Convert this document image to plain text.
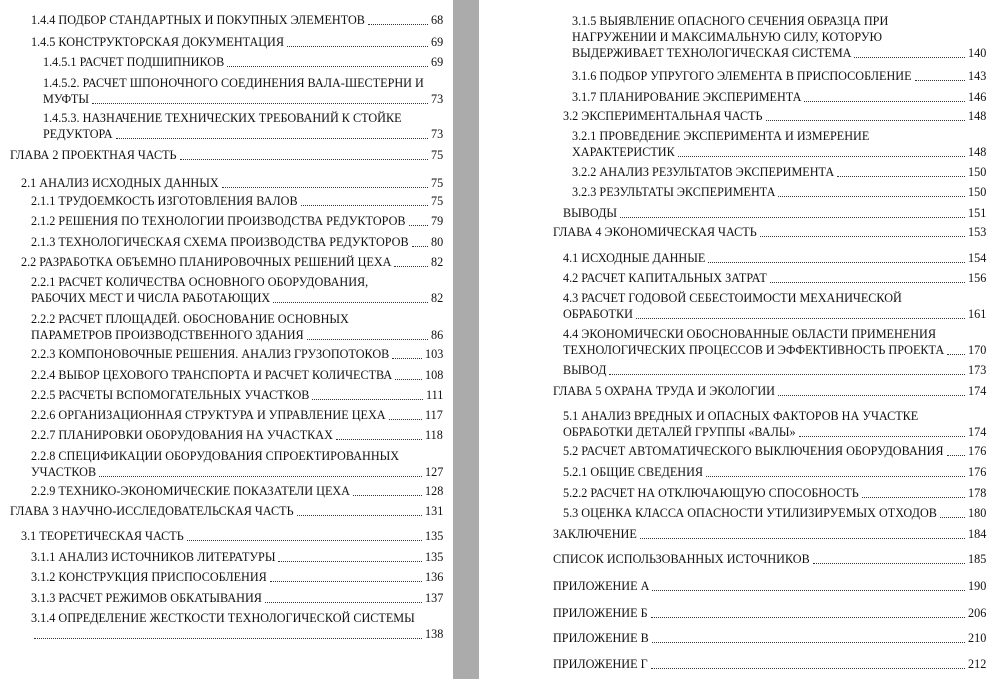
1.4.4 ПОДБОР СТАНДАРТНЫХ И ПОКУПНЫХ ЭЛЕМЕНТОВ	68
1.4.5 КОНСТРУКТОРСКАЯ ДОКУМЕНТАЦИЯ	69
1.4.5.1 РАСЧЕТ ПОДШИПНИКОВ	69
1.4.5.2. РАСЧЕТ ШПОНОЧНОГО СОЕДИНЕНИЯ ВАЛА-ШЕСТЕРНИ И
МУФТЫ	73
1.4.5.3. НАЗНАЧЕНИЕ ТЕХНИЧЕСКИХ ТРЕБОВАНИЙ К СТОЙКЕ
РЕДУКТОРА	73
ГЛАВА 2 ПРОЕКТНАЯ ЧАСТЬ	75
2.1 АНАЛИЗ ИСХОДНЫХ ДАННЫХ	75
2.1.1 ТРУДОЕМКОСТЬ ИЗГОТОВЛЕНИЯ ВАЛОВ	75
2.1.2 РЕШЕНИЯ ПО ТЕХНОЛОГИИ ПРОИЗВОДСТВА РЕДУКТОРОВ 79
2.1.3 ТЕХНОЛОГИЧЕСКАЯ СХЕМА ПРОИЗВОДСТВА РЕДУКТОРОВ 80
2.2 РАЗРАБОТКА ОБЪЕМНО ПЛАНИРОВОЧНЫХ РЕШЕНИЙ ЦЕХА	82
2.2.1 РАСЧЕТ КОЛИЧЕСТВА ОСНОВНОГО ОБОРУДОВАНИЯ,
РАБОЧИХ МЕСТ И ЧИСЛА РАБОТАЮЩИХ	82
2.2.2 РАСЧЕТ ПЛОЩАДЕЙ. ОБОСНОВАНИЕ ОСНОВНЫХ
ПАРАМЕТРОВ ПРОИЗВОДСТВЕННОГО ЗДАНИЯ	86
2.2.3 КОМПОНОВОЧНЫЕ РЕШЕНИЯ. АНАЛИЗ ГРУЗОПОТОКОВ	103
2.2.4 ВЫБОР ЦЕХОВОГО ТРАНСПОРТА И РАСЧЕТ КОЛИЧЕСТВА	108
2.2.5 РАСЧЕТЫ ВСПОМОГАТЕЛЬНЫХ УЧАСТКОВ	111
2.2.6 ОРГАНИЗАЦИОННАЯ СТРУКТУРА И УПРАВЛЕНИЕ ЦЕХА	117
2.2.7 ПЛАНИРОВКИ ОБОРУДОВАНИЯ НА УЧАСТКАХ	118
2.2.8 СПЕЦИФИКАЦИИ ОБОРУДОВАНИЯ СПРОЕКТИРОВАННЫХ
УЧАСТКОВ	127
2.2.9 ТЕХНИКО-ЭКОНОМИЧЕСКИЕ ПОКАЗАТЕЛИ ЦЕХА	128
ГЛАВА 3 НАУЧНО-ИССЛЕДОВАТЕЛЬСКАЯ ЧАСТЬ	131
3.1 ТЕОРЕТИЧЕСКАЯ ЧАСТЬ	135
3.1.1 АНАЛИЗ ИСТОЧНИКОВ ЛИТЕРАТУРЫ	135
3.1.2 КОНСТРУКЦИЯ ПРИСПОСОБЛЕНИЯ	136
3.1.3 РАСЧЕТ РЕЖИМОВ ОБКАТЫВАНИЯ	137
3.1.4 ОПРЕДЕЛЕНИЕ ЖЕСТКОСТИ ТЕХНОЛОГИЧЕСКОЙ СИСТЕМЫ
138
3.1.5 ВЫЯВЛЕНИЕ ОПАСНОГО СЕЧЕНИЯ ОБРАЗЦА ПРИ
НАГРУЖЕНИИ И МАКСИМАЛЬНУЮ СИЛУ, КОТОРУЮ
ВЫДЕРЖИВАЕТ ТЕХНОЛОГИЧЕСКАЯ СИСТЕМА	140
3.1.6 ПОДБОР УПРУГОГО ЭЛЕМЕНТА В ПРИСПОСОБЛЕНИЕ	143
3.1.7 ПЛАНИРОВАНИЕ ЭКСПЕРИМЕНТА	146
3.2 ЭКСПЕРИМЕНТАЛЬНАЯ ЧАСТЬ	148
3.2.1 ПРОВЕДЕНИЕ ЭКСПЕРИМЕНТА И ИЗМЕРЕНИЕ
ХАРАКТЕРИСТИК	148
3.2.2 АНАЛИЗ РЕЗУЛЬТАТОВ ЭКСПЕРИМЕНТА	150
3.2.3 РЕЗУЛЬТАТЫ ЭКСПЕРИМЕНТА	150
ВЫВОДЫ	151
ГЛАВА 4 ЭКОНОМИЧЕСКАЯ ЧАСТЬ	153
4.1 ИСХОДНЫЕ ДАННЫЕ	154
4.2 РАСЧЕТ КАПИТАЛЬНЫХ ЗАТРАТ	156
4.3 РАСЧЕТ ГОДОВОЙ СЕБЕСТОИМОСТИ МЕХАНИЧЕСКОЙ
ОБРАБОТКИ	161
4.4 ЭКОНОМИЧЕСКИ ОБОСНОВАННЫЕ ОБЛАСТИ ПРИМЕНЕНИЯ
ТЕХНОЛОГИЧЕСКИХ ПРОЦЕССОВ И ЭФФЕКТИВНОСТЬ ПРОЕКТА 170
ВЫВОД	173
ГЛАВА 5 ОХРАНА ТРУДА И ЭКОЛОГИИ	174
5.1 АНАЛИЗ ВРЕДНЫХ И ОПАСНЫХ ФАКТОРОВ НА УЧАСТКЕ
ОБРАБОТКИ ДЕТАЛЕЙ ГРУППЫ «ВАЛЫ»	174
5.2 РАСЧЕТ АВТОМАТИЧЕСКОГО ВЫКЛЮЧЕНИЯ ОБОРУДОВАНИЯ 176
5.2.1 ОБЩИЕ СВЕДЕНИЯ	176
5.2.2 РАСЧЕТ НА ОТКЛЮЧАЮЩУЮ СПОСОБНОСТЬ	178
5.3 ОЦЕНКА КЛАССА ОПАСНОСТИ УТИЛИЗИРУЕМЫХ ОТХОДОВ	180
ЗАКЛЮЧЕНИЕ	184
СПИСОК ИСПОЛЬЗОВАННЫХ ИСТОЧНИКОВ	185
ПРИЛОЖЕНИЕ А	190
ПРИЛОЖЕНИЕ Б	206
ПРИЛОЖЕНИЕ В	210
ПРИЛОЖЕНИЕ Г	212
